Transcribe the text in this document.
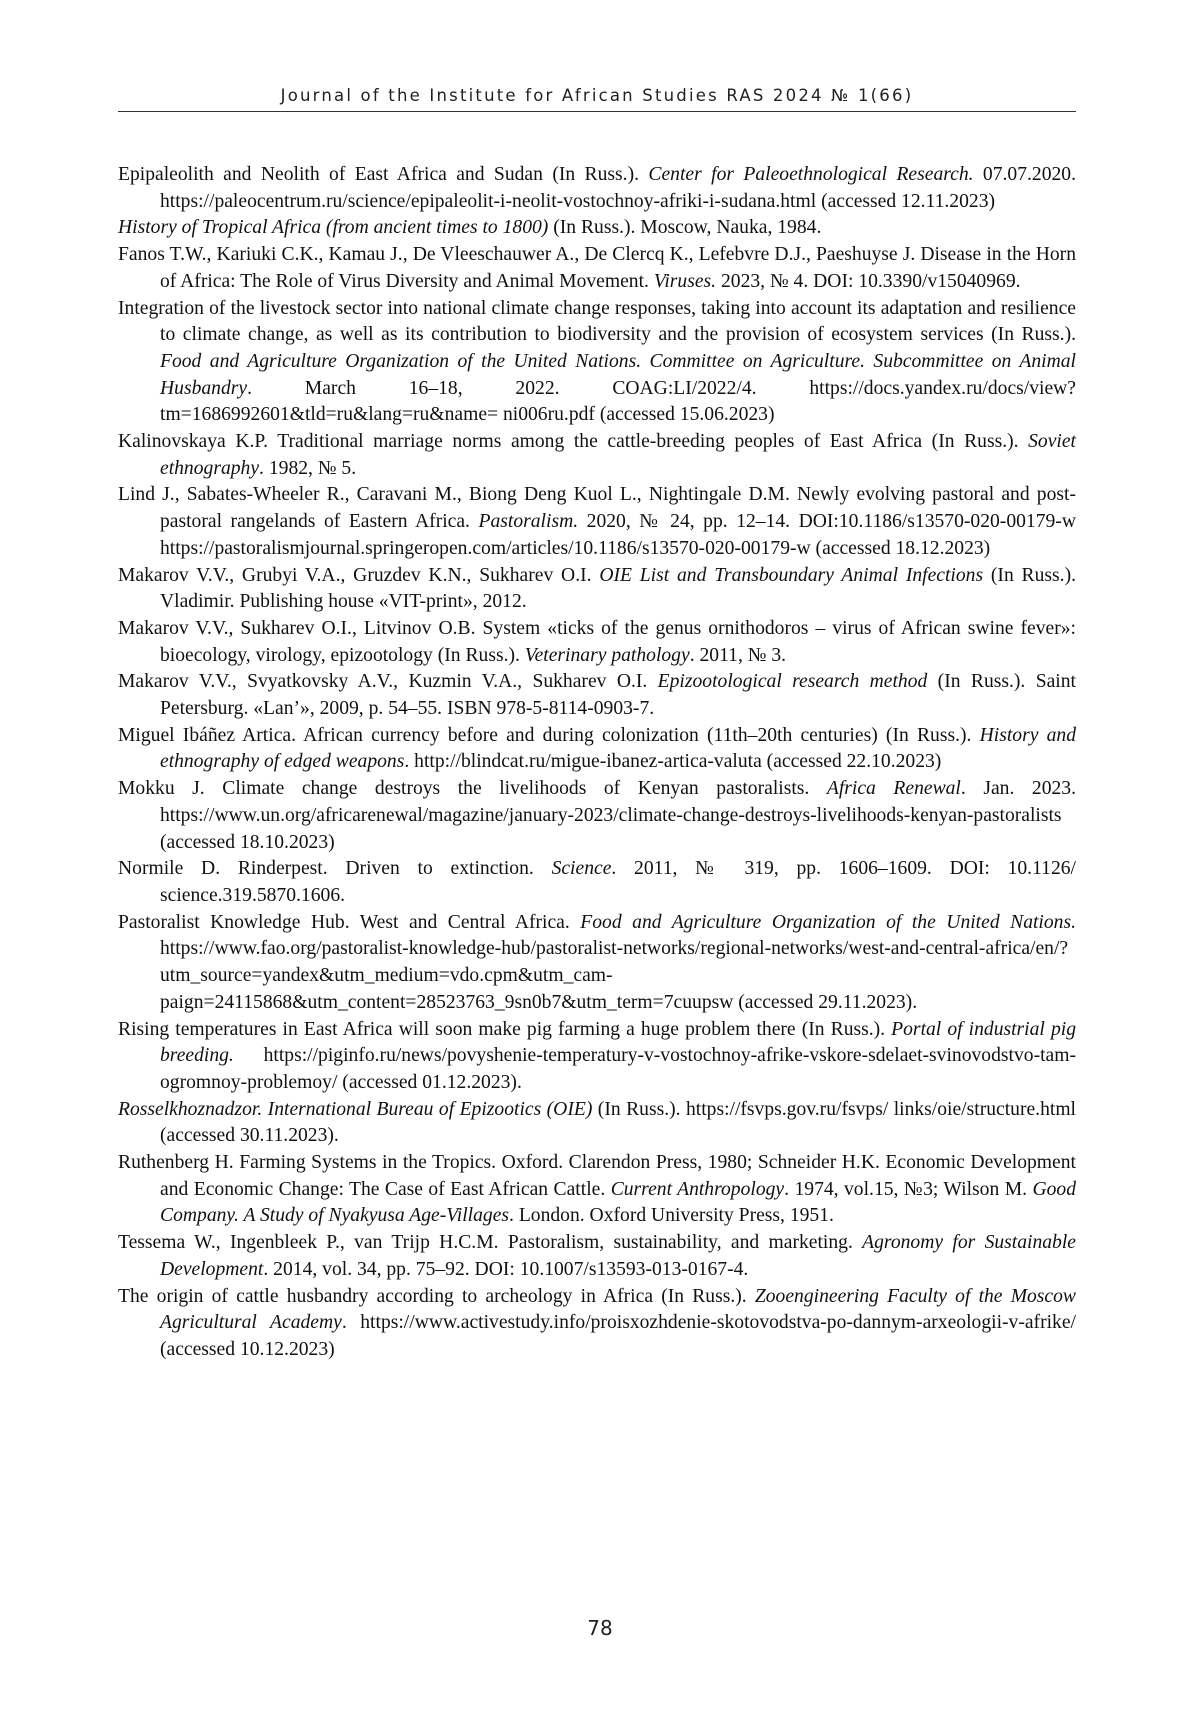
Journal of the Institute for African Studies RAS 2024 № 1(66)

Epipaleolith and Neolith of East Africa and Sudan (In Russ.). Center for Paleoethnological Research. 07.07.2020. https://paleocentrum.ru/science/epipaleolit-i-neolit-vostochnoy-afriki-i-sudana.html (accessed 12.11.2023)

History of Tropical Africa (from ancient times to 1800) (In Russ.). Moscow, Nauka, 1984.

Fanos T.W., Kariuki C.K., Kamau J., De Vleeschauwer A., De Clercq K., Lefebvre D.J., Paeshuyse J. Disease in the Horn of Africa: The Role of Virus Diversity and Animal Movement. Viruses. 2023, № 4. DOI: 10.3390/v15040969.

Integration of the livestock sector into national climate change responses, taking into account its adaptation and resilience to climate change, as well as its contribution to biodiversity and the provision of ecosystem services (In Russ.). Food and Agriculture Organization of the United Nations. Committee on Agriculture. Subcommittee on Animal Husbandry. March 16–18, 2022. COAG:LI/2022/4. https://docs.yandex.ru/docs/view?tm=1686992601&tld=ru&lang=ru&name= ni006ru.pdf (accessed 15.06.2023)

Kalinovskaya K.P. Traditional marriage norms among the cattle-breeding peoples of East Africa (In Russ.). Soviet ethnography. 1982, № 5.

Lind J., Sabates-Wheeler R., Caravani M., Biong Deng Kuol L., Nightingale D.M. Newly evolving pastoral and post-pastoral rangelands of Eastern Africa. Pastoralism. 2020, № 24, pp. 12–14. DOI:10.1186/s13570-020-00179-w https://pastoralismjournal.springeropen.com/articles/10.1186/s13570-020-00179-w (accessed 18.12.2023)

Makarov V.V., Grubyi V.A., Gruzdev K.N., Sukharev O.I. OIE List and Transboundary Animal Infections (In Russ.). Vladimir. Publishing house «VIT-print», 2012.

Makarov V.V., Sukharev O.I., Litvinov O.B. System «ticks of the genus ornithodoros – virus of African swine fever»: bioecology, virology, epizootology (In Russ.). Veterinary pathology. 2011, № 3.

Makarov V.V., Svyatkovsky A.V., Kuzmin V.A., Sukharev O.I. Epizootological research method (In Russ.). Saint Petersburg. «Lan’», 2009, p. 54–55. ISBN 978-5-8114-0903-7.

Miguel Ibáñez Artica. African currency before and during colonization (11th–20th centuries) (In Russ.). History and ethnography of edged weapons. http://blindcat.ru/migue-ibanez-artica-valuta (accessed 22.10.2023)

Mokku J. Climate change destroys the livelihoods of Kenyan pastoralists. Africa Renewal. Jan. 2023. https://www.un.org/africarenewal/magazine/january-2023/climate-change-destroys-livelihoods-kenyan-pastoralists (accessed 18.10.2023)

Normile D. Rinderpest. Driven to extinction. Science. 2011, № 319, pp. 1606–1609. DOI: 10.1126/ science.319.5870.1606.

Pastoralist Knowledge Hub. West and Central Africa. Food and Agriculture Organization of the United Nations. https://www.fao.org/pastoralist-knowledge-hub/pastoralist-networks/regional-networks/west-and-central-africa/en/?utm_source=yandex&utm_medium=vdo.cpm&utm_cam-paign=24115868&utm_content=28523763_9sn0b7&utm_term=7cuupsw (accessed 29.11.2023).

Rising temperatures in East Africa will soon make pig farming a huge problem there (In Russ.). Portal of industrial pig breeding. https://piginfo.ru/news/povyshenie-temperatury-v-vostochnoy-afrike-vskore-sdelaet-svinovodstvo-tam-ogromnoy-problemoy/ (accessed 01.12.2023).

Rosselkhoznadzor. International Bureau of Epizootics (OIE) (In Russ.). https://fsvps.gov.ru/fsvps/ links/oie/structure.html (accessed 30.11.2023).

Ruthenberg H. Farming Systems in the Tropics. Oxford. Clarendon Press, 1980; Schneider H.K. Economic Development and Economic Change: The Case of East African Cattle. Current Anthropology. 1974, vol.15, №3; Wilson M. Good Company. A Study of Nyakyusa Age-Villages. London. Oxford University Press, 1951.

Tessema W., Ingenbleek P., van Trijp H.C.M. Pastoralism, sustainability, and marketing. Agronomy for Sustainable Development. 2014, vol. 34, pp. 75–92. DOI: 10.1007/s13593-013-0167-4.

The origin of cattle husbandry according to archeology in Africa (In Russ.). Zooengineering Faculty of the Moscow Agricultural Academy. https://www.activestudy.info/proisxozhdenie-skotovodstva-po-dannym-arxeologii-v-afrike/ (accessed 10.12.2023)

78
